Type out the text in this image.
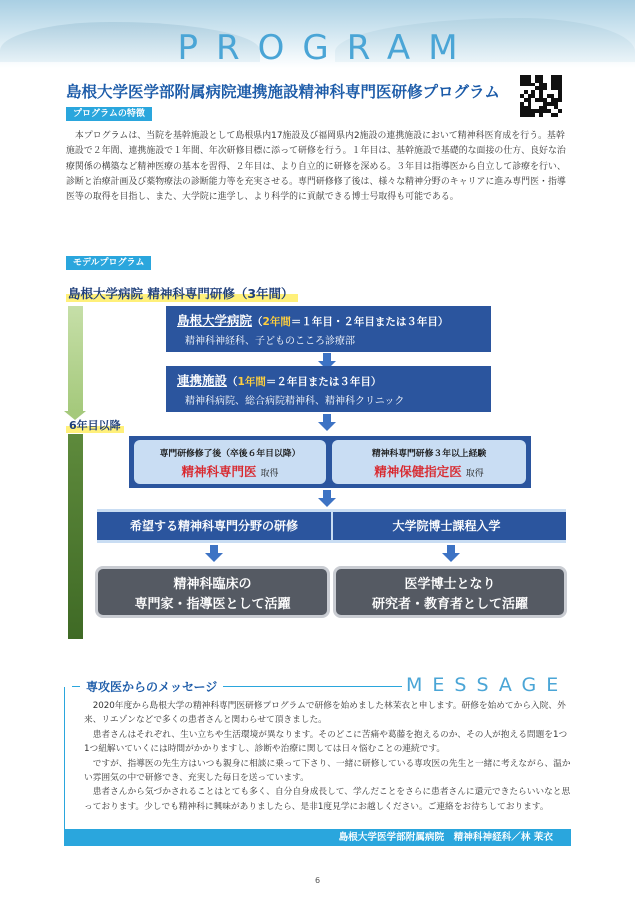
PROGRAM
島根大学医学部附属病院連携施設精神科専門医研修プログラム
プログラムの特徴
本プログラムは、当院を基幹施設として島根県内17施設及び福岡県内2施設の連携施設において精神科医育成を行う。基幹施設で２年間、連携施設で１年間、年次研修目標に添って研修を行う。１年目は、基幹施設で基礎的な面接の仕方、良好な治療関係の構築など精神医療の基本を習得、２年目は、より自立的に研修を深める。３年目は指導医から自立して診療を行い、診断と治療計画及び薬物療法の診断能力等を充実させる。専門研修修了後は、様々な精神分野のキャリアに進み専門医・指導医等の取得を目指し、また、大学院に進学し、より科学的に貢献できる博士号取得も可能である。
モデルプログラム
島根大学病院 精神科専門研修（3年間）
6年目以降
島根大学病院（2年間＝１年目・２年目または３年目）
精神科神経科、子どものこころ診療部
連携施設（1年間＝２年目または３年目）
精神科病院、総合病院精神科、精神科クリニック
専門研修修了後（卒後６年目以降）
精神科専門医 取得
精神科専門研修３年以上経験
精神保健指定医 取得
希望する精神科専門分野の研修	大学院博士課程入学
精神科臨床の
専門家・指導医として活躍
医学博士となり
研究者・教育者として活躍
専攻医からのメッセージ	MESSAGE

2020年度から島根大学の精神科専門医研修プログラムで研修を始めました林茉衣と申します。研修を始めてから入院、外来、リエゾンなどで多くの患者さんと関わらせて頂きました。

患者さんはそれぞれ、生い立ちや生活環境が異なります。そのどこに苦痛や葛藤を抱えるのか、その人が抱える問題を1つ1つ紐解いていくには時間がかかりますし、診断や治療に関しては日々悩むことの連続です。

ですが、指導医の先生方はいつも親身に相談に乗って下さり、一緒に研修している専攻医の先生と一緒に考えながら、温かい雰囲気の中で研修でき、充実した毎日を送っています。

患者さんから気づかされることはとても多く、自分自身成長して、学んだことをさらに患者さんに還元できたらいいなと思っております。少しでも精神科に興味がありましたら、是非1度見学にお越しください。ご連絡をお待ちしております。

島根大学医学部附属病院　精神科神経科／林 茉衣
6
